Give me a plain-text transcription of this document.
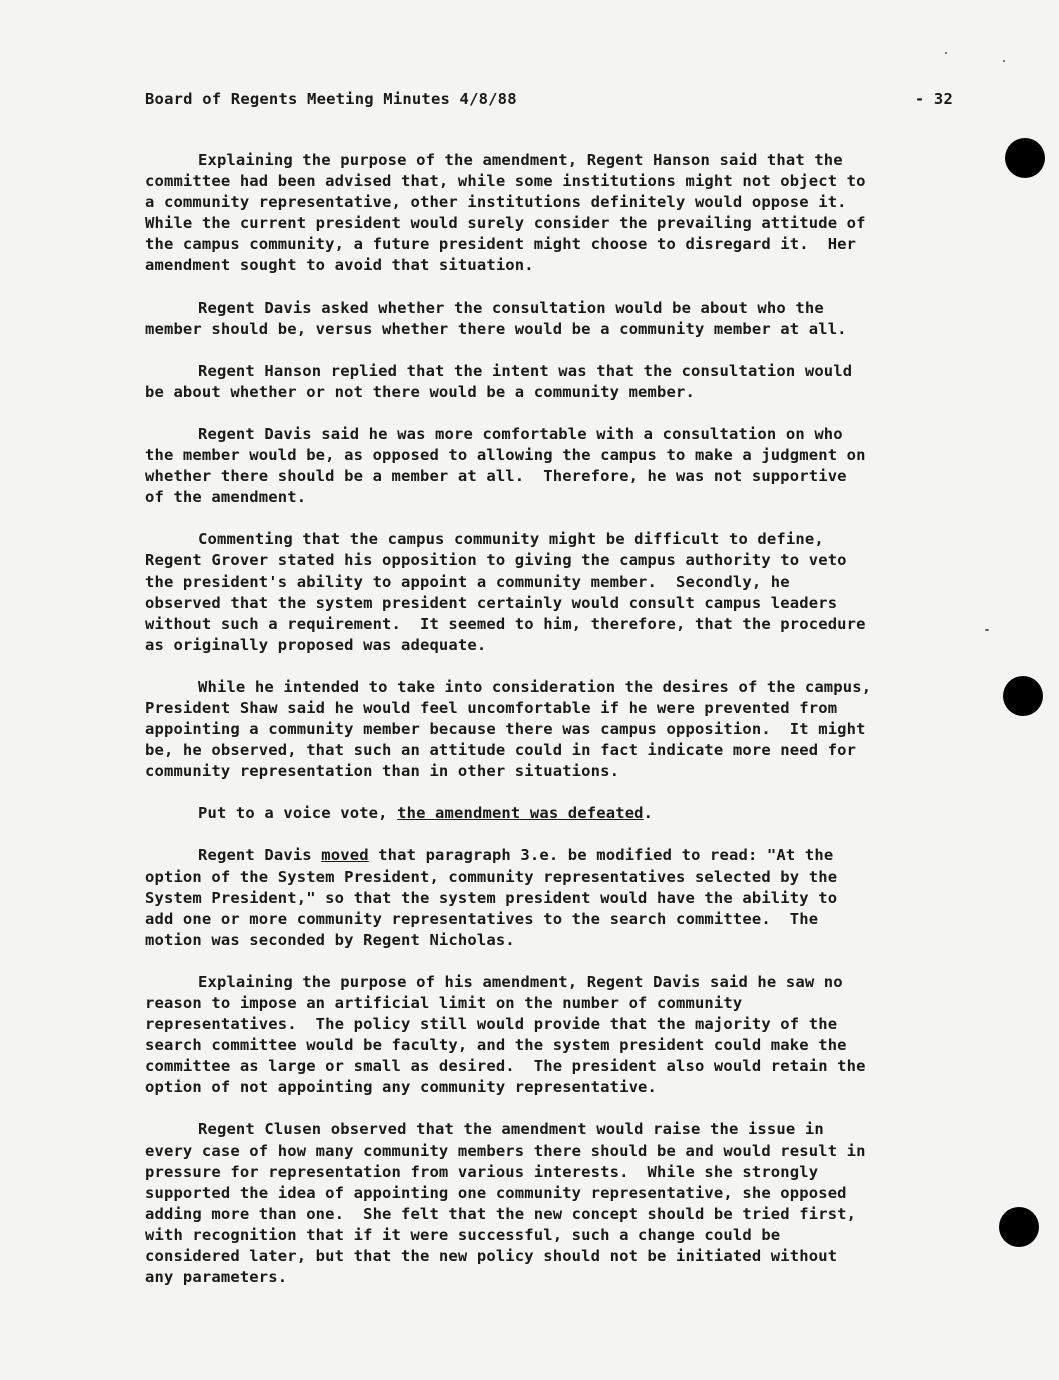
Board of Regents Meeting Minutes 4/8/88	- 32
Explaining the purpose of the amendment, Regent Hanson said that the
committee had been advised that, while some institutions might not object to
a community representative, other institutions definitely would oppose it.
While the current president would surely consider the prevailing attitude of
the campus community, a future president might choose to disregard it.  Her
amendment sought to avoid that situation.
Regent Davis asked whether the consultation would be about who the
member should be, versus whether there would be a community member at all.
Regent Hanson replied that the intent was that the consultation would
be about whether or not there would be a community member.
Regent Davis said he was more comfortable with a consultation on who
the member would be, as opposed to allowing the campus to make a judgment on
whether there should be a member at all.  Therefore, he was not supportive
of the amendment.
Commenting that the campus community might be difficult to define,
Regent Grover stated his opposition to giving the campus authority to veto
the president's ability to appoint a community member.  Secondly, he
observed that the system president certainly would consult campus leaders
without such a requirement.  It seemed to him, therefore, that the procedure
as originally proposed was adequate.
While he intended to take into consideration the desires of the campus,
President Shaw said he would feel uncomfortable if he were prevented from
appointing a community member because there was campus opposition.  It might
be, he observed, that such an attitude could in fact indicate more need for
community representation than in other situations.
Put to a voice vote, the amendment was defeated.
Regent Davis moved that paragraph 3.e. be modified to read: "At the
option of the System President, community representatives selected by the
System President," so that the system president would have the ability to
add one or more community representatives to the search committee.  The
motion was seconded by Regent Nicholas.
Explaining the purpose of his amendment, Regent Davis said he saw no
reason to impose an artificial limit on the number of community
representatives.  The policy still would provide that the majority of the
search committee would be faculty, and the system president could make the
committee as large or small as desired.  The president also would retain the
option of not appointing any community representative.
Regent Clusen observed that the amendment would raise the issue in
every case of how many community members there should be and would result in
pressure for representation from various interests.  While she strongly
supported the idea of appointing one community representative, she opposed
adding more than one.  She felt that the new concept should be tried first,
with recognition that if it were successful, such a change could be
considered later, but that the new policy should not be initiated without
any parameters.
